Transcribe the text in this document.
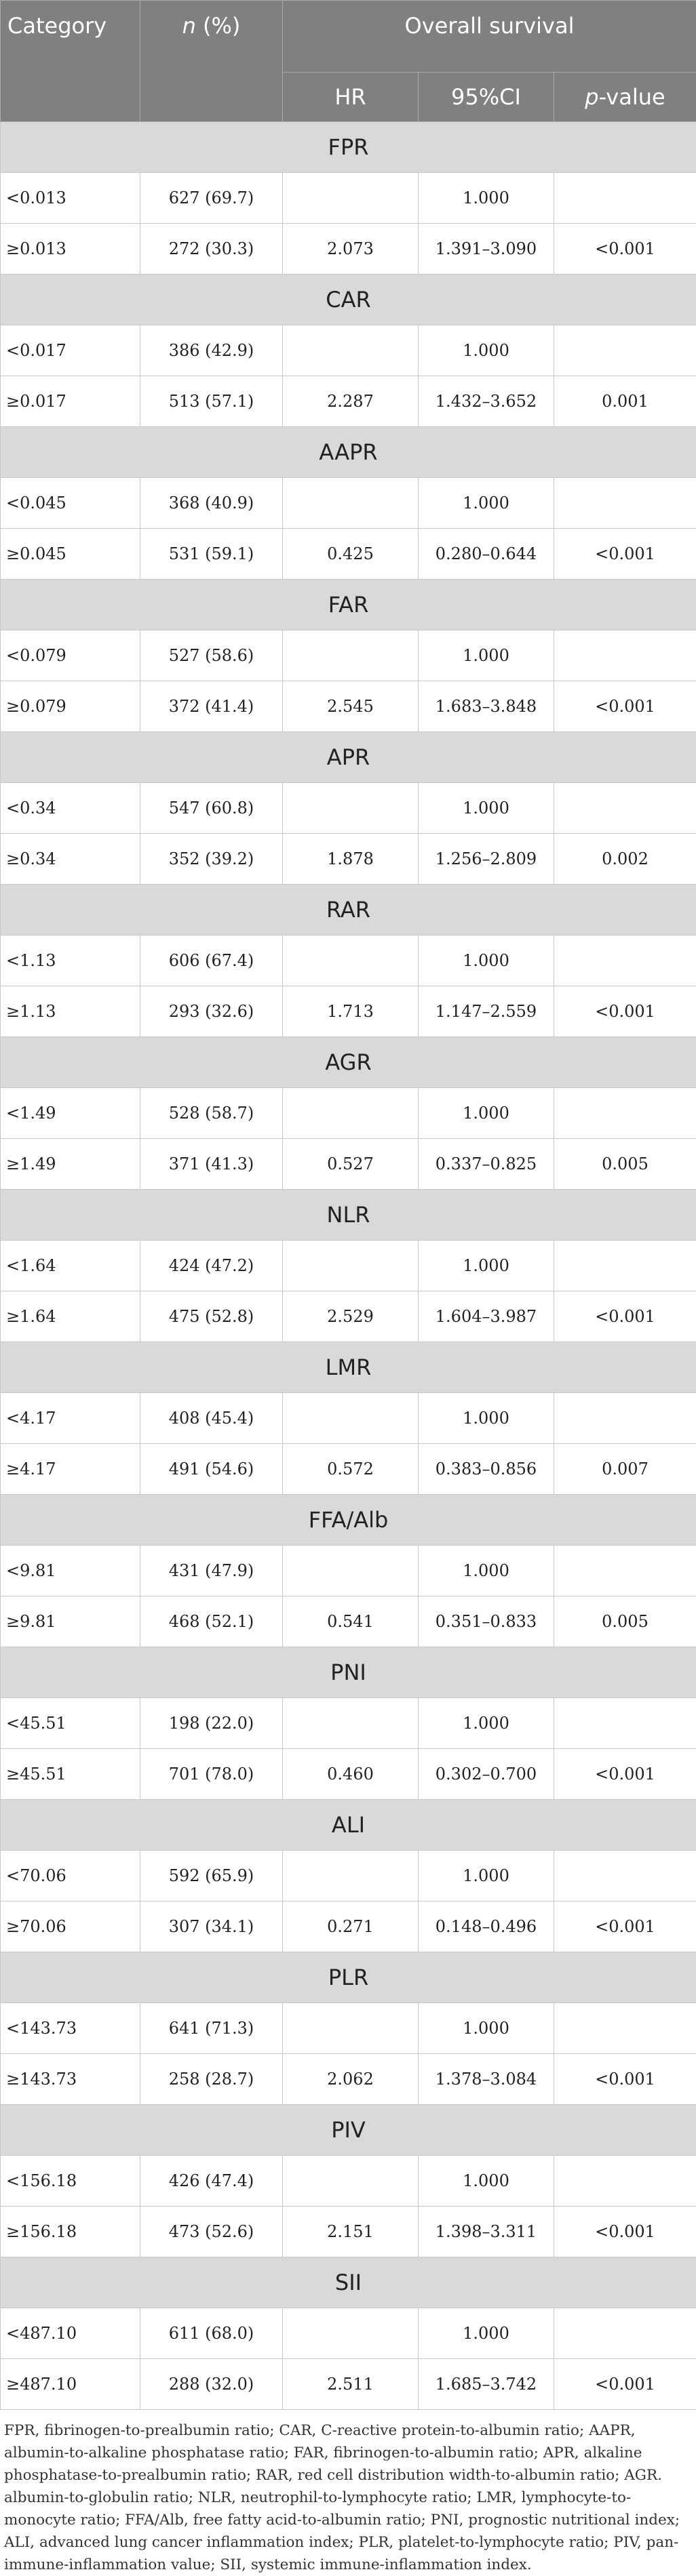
Category	n (%)	Overall survival		
		HR	95%CI	p-value
FPR				
<0.013	627 (69.7)		1.000	
≥0.013	272 (30.3)	2.073	1.391–3.090	<0.001
CAR				
<0.017	386 (42.9)		1.000	
≥0.017	513 (57.1)	2.287	1.432–3.652	0.001
AAPR				
<0.045	368 (40.9)		1.000	
≥0.045	531 (59.1)	0.425	0.280–0.644	<0.001
FAR				
<0.079	527 (58.6)		1.000	
≥0.079	372 (41.4)	2.545	1.683–3.848	<0.001
APR				
<0.34	547 (60.8)		1.000	
≥0.34	352 (39.2)	1.878	1.256–2.809	0.002
RAR				
<1.13	606 (67.4)		1.000	
≥1.13	293 (32.6)	1.713	1.147–2.559	<0.001
AGR				
<1.49	528 (58.7)		1.000	
≥1.49	371 (41.3)	0.527	0.337–0.825	0.005
NLR				
<1.64	424 (47.2)		1.000	
≥1.64	475 (52.8)	2.529	1.604–3.987	<0.001
LMR				
<4.17	408 (45.4)		1.000	
≥4.17	491 (54.6)	0.572	0.383–0.856	0.007
FFA/Alb				
<9.81	431 (47.9)		1.000	
≥9.81	468 (52.1)	0.541	0.351–0.833	0.005
PNI				
<45.51	198 (22.0)		1.000	
≥45.51	701 (78.0)	0.460	0.302–0.700	<0.001
ALI				
<70.06	592 (65.9)		1.000	
≥70.06	307 (34.1)	0.271	0.148–0.496	<0.001
PLR				
<143.73	641 (71.3)		1.000	
≥143.73	258 (28.7)	2.062	1.378–3.084	<0.001
PIV				
<156.18	426 (47.4)		1.000	
≥156.18	473 (52.6)	2.151	1.398–3.311	<0.001
SII				
<487.10	611 (68.0)		1.000	
≥487.10	288 (32.0)	2.511	1.685–3.742	<0.001
FPR, fibrinogen-to-prealbumin ratio; CAR, C-reactive protein-to-albumin ratio; AAPR, albumin-to-alkaline phosphatase ratio; FAR, fibrinogen-to-albumin ratio; APR, alkaline phosphatase-to-prealbumin ratio; RAR, red cell distribution width-to-albumin ratio; AGR. albumin-to-globulin ratio; NLR, neutrophil-to-lymphocyte ratio; LMR, lymphocyte-to-monocyte ratio; FFA/Alb, free fatty acid-to-albumin ratio; PNI, prognostic nutritional index; ALI, advanced lung cancer inflammation index; PLR, platelet-to-lymphocyte ratio; PIV, pan-immune-inflammation value; SII, systemic immune-inflammation index.
